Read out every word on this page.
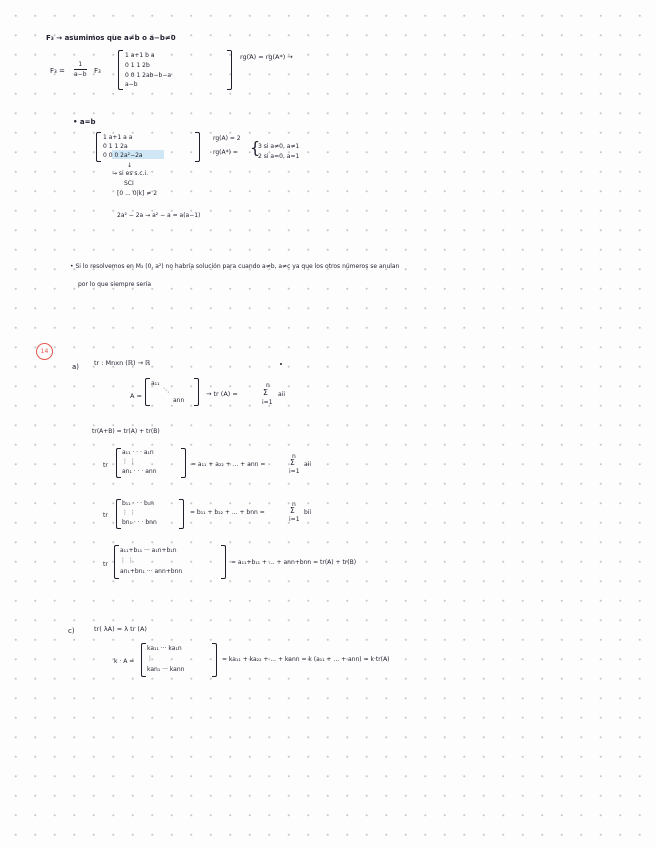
F₃ → asumimos que a≠b o a−b≠0
F₃ =
1
a−b F₃
1 a+1 b a
0 1 1 2b
0 0 1 2ab−b−a
a−b
rg(A) = rg(A*) →
• a=b
1 a+1 a a
0 1 1 2a
0 0 0 2a²−2a
rg(A) = 2
rg(A*) = {
3 si a≠0, a≠1
2 si a=0, a=1
↓
→ si es s.c.i.
SCI
[0 ... 0|k] ≠ 2
2a² − 2a → a² − a = a(a−1)
• Si lo resolvemos en M₃ (0, a²) no habría solución para cuando a≠b, a≠c ya que los otros números se anulan
por lo que siempre sería
14
a) tr : Mnxn (ℝ) → ℝ
A =
a₁₁
⋱
ann
→ tr (A) =
n
Σ
i=1
aii
tr(A+B) = tr(A) + tr(B)
tr
a₁₁ · · · a₁n
⋮ ⋮
an₁ · · · ann
= a₁₁ + a₂₂ + ... + ann =
n
Σ
i=1
aii
tr
b₁₁ · · · b₁n
⋮ ⋮
bn₁ · · · bnn
= b₁₁ + b₂₂ + ... + bnn =
n
Σ
i=1
bii
tr
a₁₁+b₁₁ ··· a₁n+b₁n
⋮ ⋮
an₁+bn₁ ··· ann+bnn
= a₁₁+b₁₁ + ... + ann+bnn = tr(A) + tr(B)
c)	tr( λA) = λ tr (A)
k · A =
ka₁₁ ··· ka₁n
⋮
kan₁ ··· kann
= ka₁₁ + ka₂₂ + ... + kann = k (a₁₁ + ... + ann) = k·tr(A)
